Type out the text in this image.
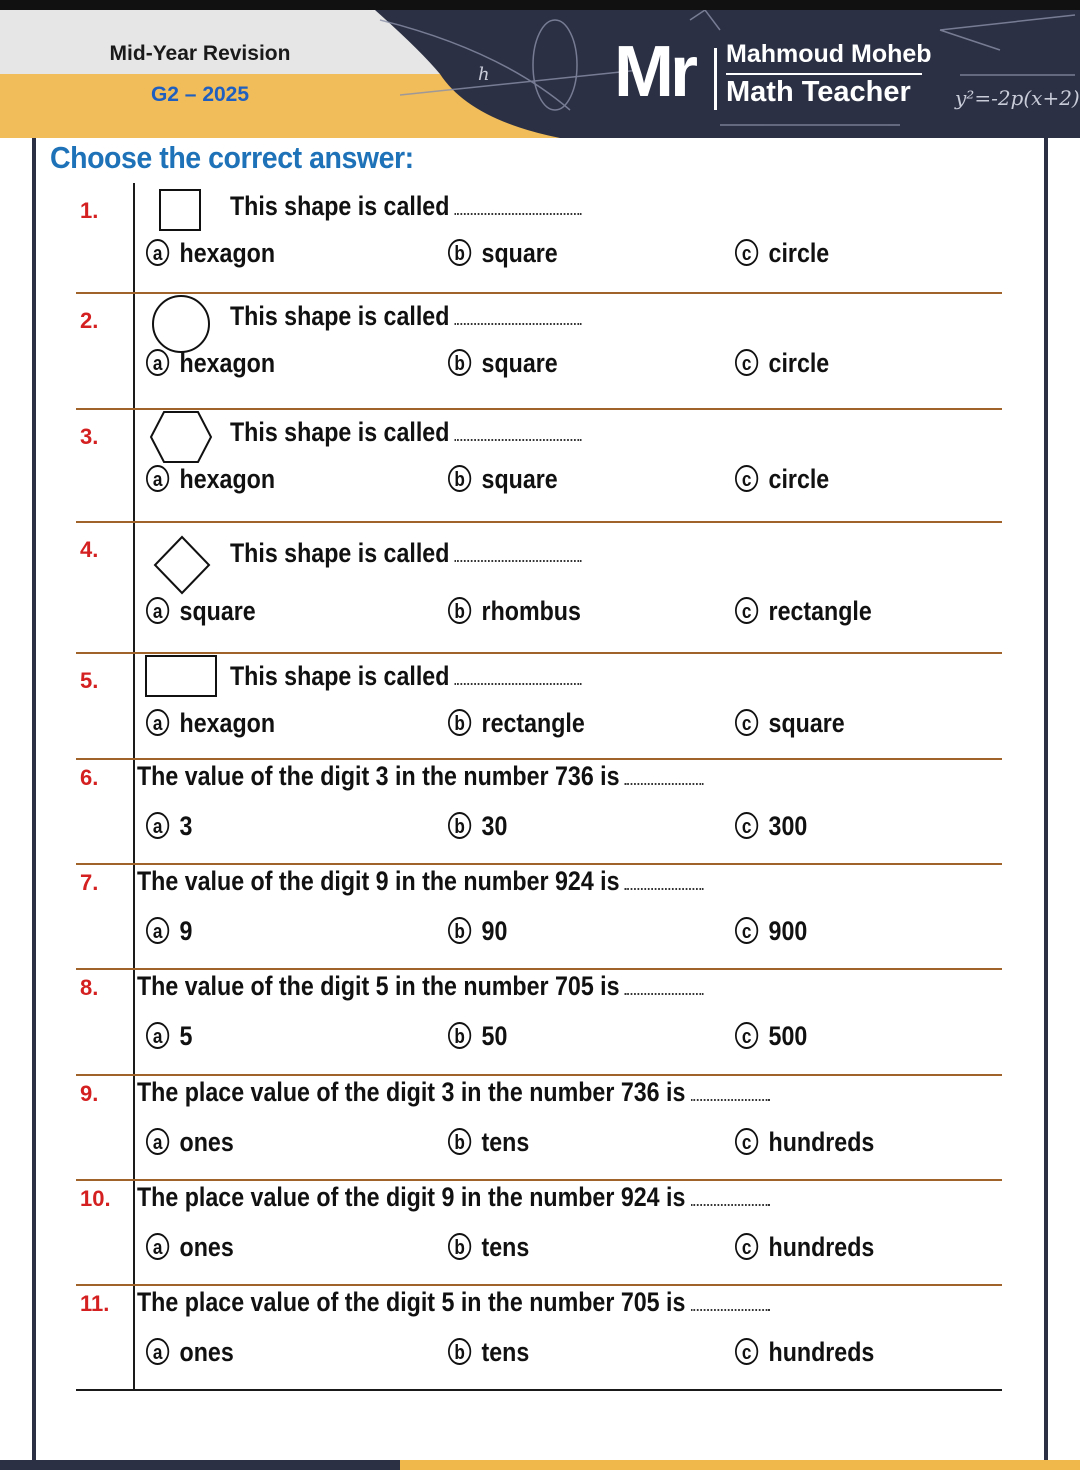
y²=-2p(x+2)
h
Mid-Year Revision
G2 – 2025	Mr Mahmoud Moheb
Math Teacher
Choose the correct answer:
1.	This shape is called
a hexagon	b square	c circle
2.	This shape is called
a hexagon	b square	c circle
3.	This shape is called
a hexagon	b square	c circle
4.	This shape is called
a square	b rhombus	c rectangle
5.	This shape is called
a hexagon	b rectangle	c square
6. The value of the digit 3 in the number 736 is
a 3	b 30	c 300
7. The value of the digit 9 in the number 924 is
a 9	b 90	c 900
8. The value of the digit 5 in the number 705 is
a 5	b 50	c 500
9. The place value of the digit 3 in the number 736 is
a ones	b tens	c hundreds
10. The place value of the digit 9 in the number 924 is
a ones	b tens	c hundreds
11. The place value of the digit 5 in the number 705 is
a ones	b tens	c hundreds
